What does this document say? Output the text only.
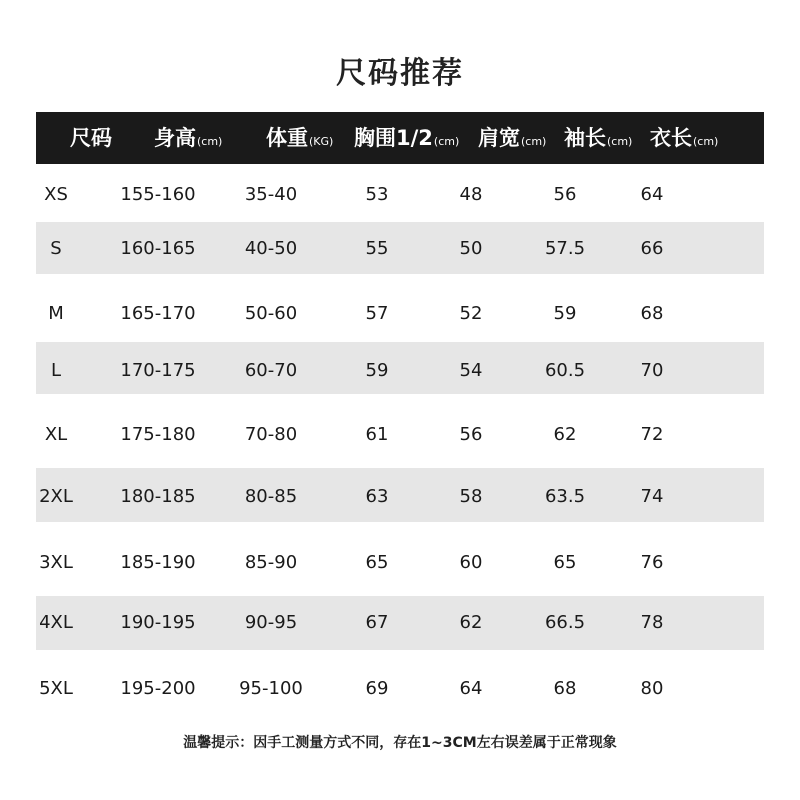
尺码推荐
尺码 身高(cm) 体重(KG) 胸围1/2(cm) 肩宽(cm) 袖长(cm) 衣长(cm)
XS	155-160	35-40	53	48	56	64
S	160-165	40-50	55	50	57.5	66
M	165-170	50-60	57	52	59	68
L	170-175	60-70	59	54	60.5	70
XL	175-180	70-80	61	56	62	72
2XL	180-185	80-85	63	58	63.5	74
3XL	185-190	85-90	65	60	65	76
4XL	190-195	90-95	67	62	66.5	78
5XL	195-200	95-100	69	64	68	80
温馨提示：因手工测量方式不同，存在1~3CM左右误差属于正常现象
